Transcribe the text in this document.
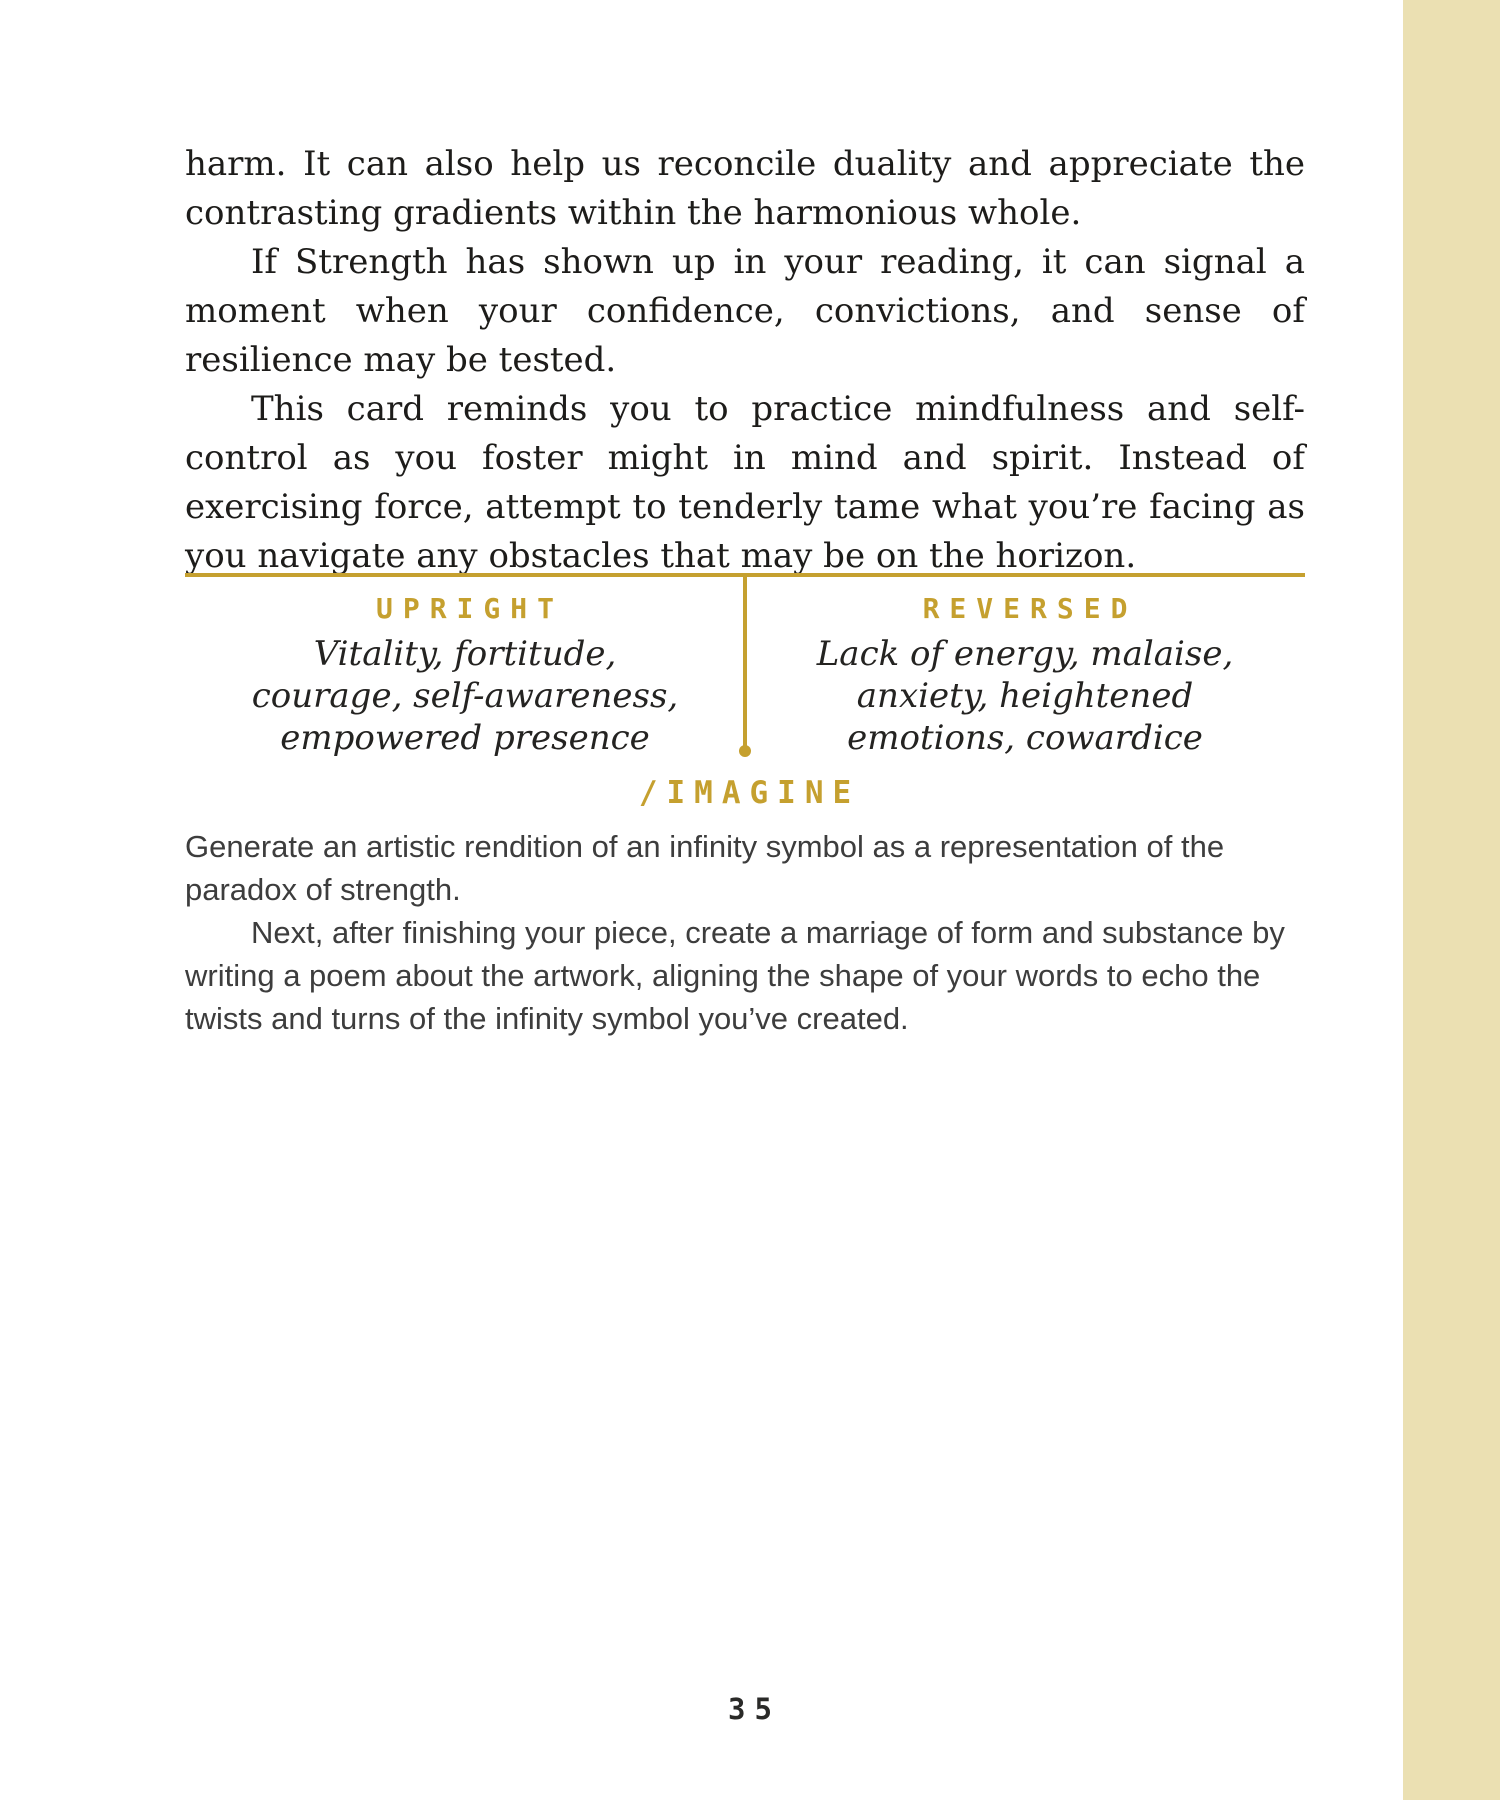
harm. It can also help us reconcile duality and appreciate the contrasting gradients within the harmonious whole.

If Strength has shown up in your reading, it can signal a moment when your confidence, convictions, and sense of resilience may be tested.

This card reminds you to practice mindfulness and self-control as you foster might in mind and spirit. Instead of exercising force, attempt to tenderly tame what you’re facing as you navigate any obstacles that may be on the horizon.

UPRIGHT
Vitality, fortitude, courage, self-awareness, empowered presence
REVERSED
Lack of energy, malaise, anxiety, heightened emotions, cowardice
/IMAGINE

Generate an artistic rendition of an infinity symbol as a representation of the paradox of strength.

Next, after finishing your piece, create a marriage of form and substance by writing a poem about the artwork, aligning the shape of your words to echo the twists and turns of the infinity symbol you’ve created.

35
